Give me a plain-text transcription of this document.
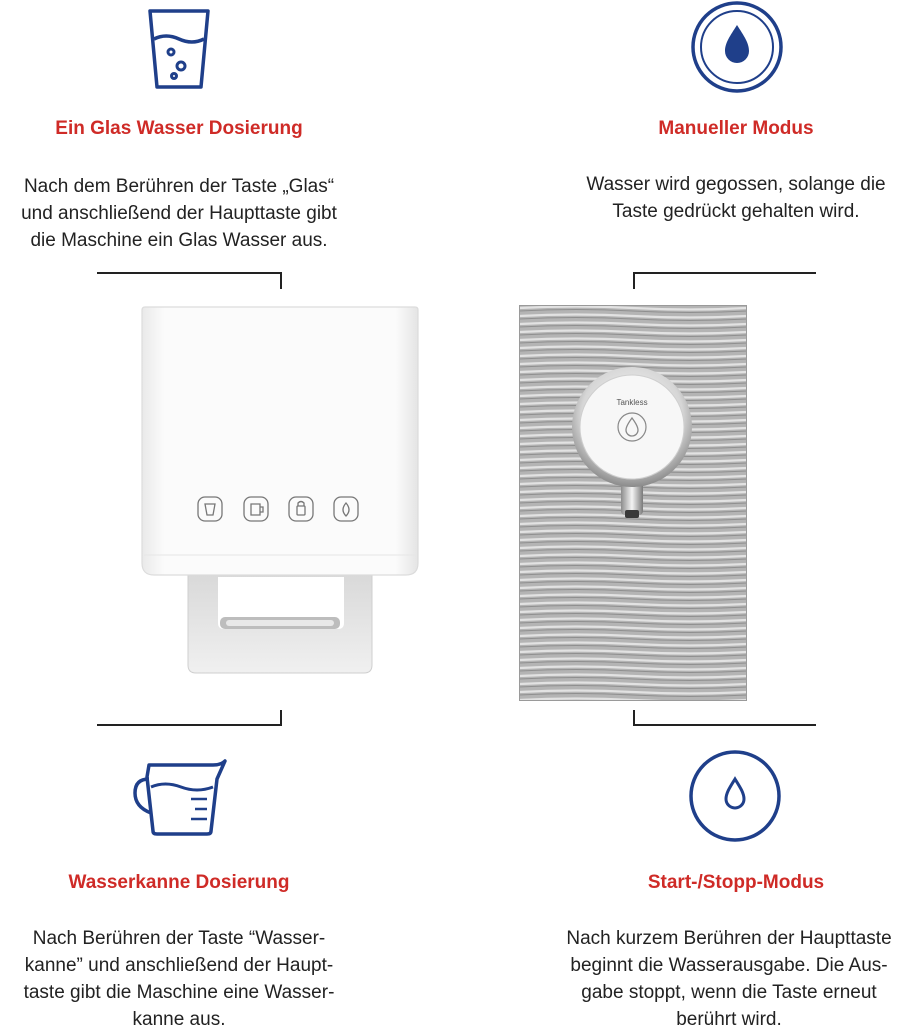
Ein Glas Wasser Dosierung
Nach dem Berühren der Taste „Glas“
und anschließend der Haupttaste gibt
die Maschine ein Glas Wasser aus.
Manueller Modus
Wasser wird gegossen, solange die
Taste gedrückt gehalten wird.
Tankless
Wasserkanne Dosierung
Nach Berühren der Taste “Wasser-
kanne” und anschließend der Haupt-
taste gibt die Maschine eine Wasser-
kanne aus.
Start-/Stopp-Modus
Nach kurzem Berühren der Haupttaste
beginnt die Wasserausgabe. Die Aus-
gabe stoppt, wenn die Taste erneut
berührt wird.
